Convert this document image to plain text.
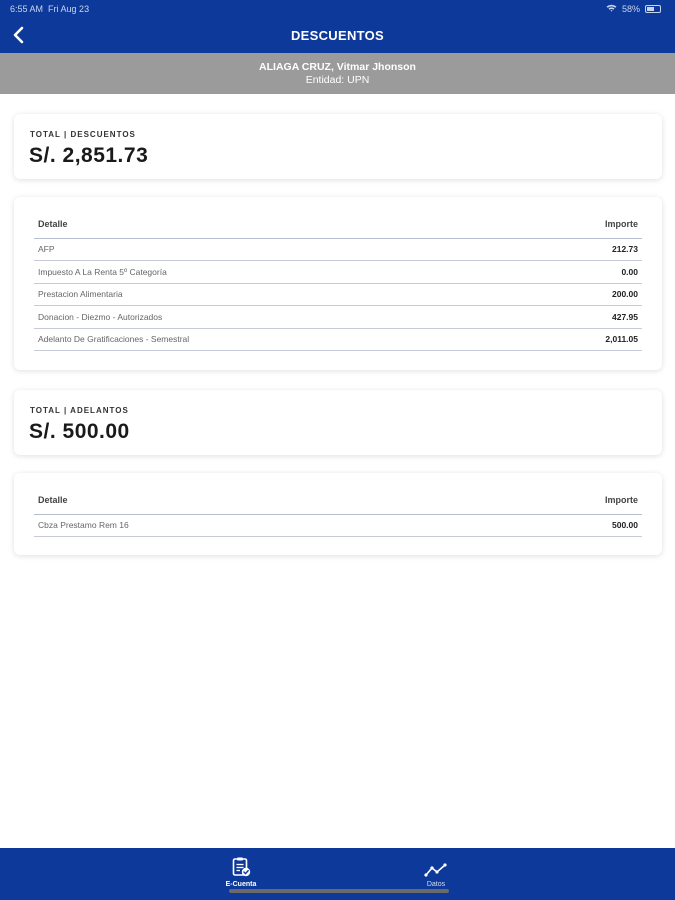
6:55 AM Fri Aug 23	58%
DESCUENTOS
ALIAGA CRUZ, Vitmar Jhonson
Entidad: UPN
TOTAL | DESCUENTOS
S/. 2,851.73
Detalle	Importe
AFP	212.73
Impuesto A La Renta 5º Categoría	0.00
Prestacion Alimentaria	200.00
Donacion - Diezmo - Autorizados	427.95
Adelanto De Gratificaciones - Semestral	2,011.05
TOTAL | ADELANTOS
S/. 500.00
Detalle	Importe
Cbza Prestamo Rem 16	500.00
E-Cuenta	Datos
